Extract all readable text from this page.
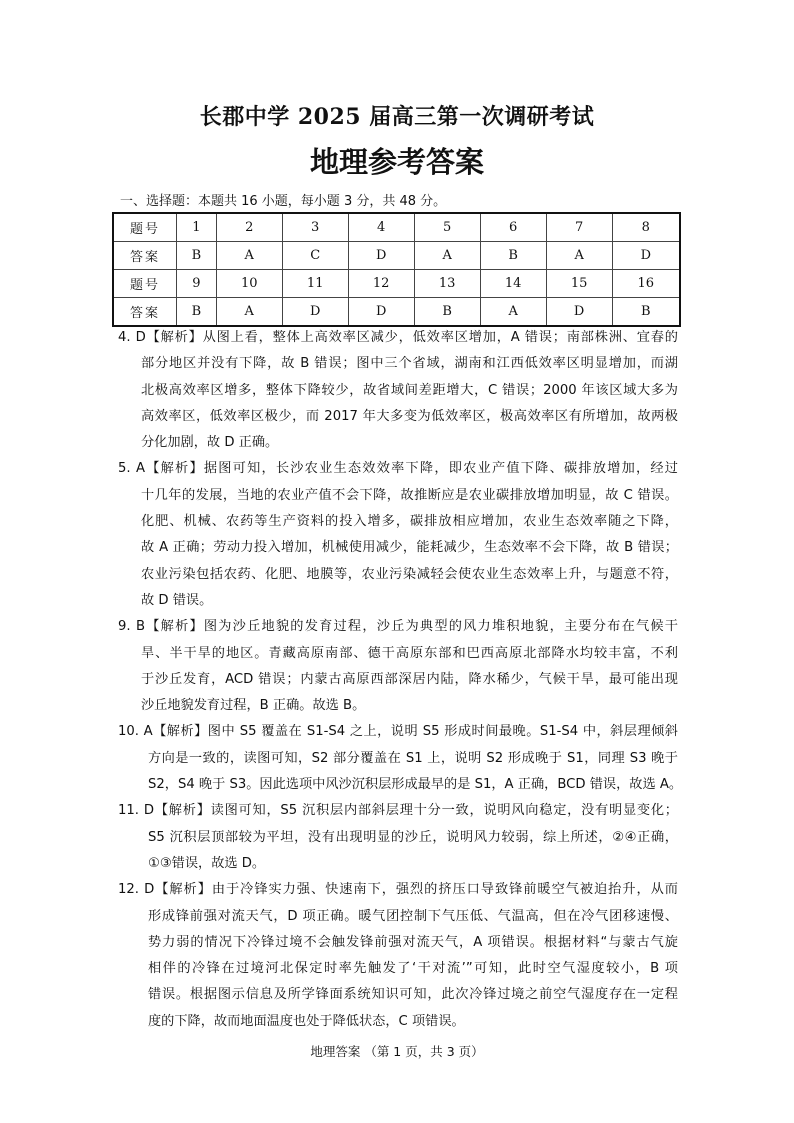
长郡中学 2025 届高三第一次调研考试
地理参考答案
一、选择题：本题共 16 小题，每小题 3 分，共 48 分。
题号	1	2	3	4	5	6	7	8
答案	B	A	C	D	A	B	A	D
题号	9	10	11	12	13	14	15	16
答案	B	A	D	D	B	A	D	B
4. D【解析】从图上看，整体上高效率区减少，低效率区增加，A 错误；南部株洲、宜春的
部分地区并没有下降，故 B 错误；图中三个省域，湖南和江西低效率区明显增加，而湖
北极高效率区增多，整体下降较少，故省域间差距增大，C 错误；2000 年该区域大多为
高效率区，低效率区极少，而 2017 年大多变为低效率区，极高效率区有所增加，故两极
分化加剧，故 D 正确。
5. A【解析】据图可知，长沙农业生态效效率下降，即农业产值下降、碳排放增加，经过
十几年的发展，当地的农业产值不会下降，故推断应是农业碳排放增加明显，故 C 错误。
化肥、机械、农药等生产资料的投入增多，碳排放相应增加，农业生态效率随之下降，
故 A 正确；劳动力投入增加，机械使用减少，能耗减少，生态效率不会下降，故 B 错误；
农业污染包括农药、化肥、地膜等，农业污染减轻会使农业生态效率上升，与题意不符，
故 D 错误。
9. B【解析】图为沙丘地貌的发育过程，沙丘为典型的风力堆积地貌，主要分布在气候干
旱、半干旱的地区。青藏高原南部、德干高原东部和巴西高原北部降水均较丰富，不利
于沙丘发育，ACD 错误；内蒙古高原西部深居内陆，降水稀少，气候干旱，最可能出现
沙丘地貌发育过程，B 正确。故选 B。
10. A【解析】图中 S5 覆盖在 S1-S4 之上，说明 S5 形成时间最晚。S1-S4 中，斜层理倾斜
方向是一致的，读图可知，S2 部分覆盖在 S1 上，说明 S2 形成晚于 S1，同理 S3 晚于
S2，S4 晚于 S3。因此选项中风沙沉积层形成最早的是 S1，A 正确，BCD 错误，故选 A。
11. D【解析】读图可知，S5 沉积层内部斜层理十分一致，说明风向稳定，没有明显变化；
S5 沉积层顶部较为平坦，没有出现明显的沙丘，说明风力较弱，综上所述，②④正确，
①③错误，故选 D。
12. D【解析】由于冷锋实力强、快速南下，强烈的挤压口导致锋前暖空气被迫抬升，从而
形成锋前强对流天气，D 项正确。暖气团控制下气压低、气温高，但在冷气团移速慢、
势力弱的情况下冷锋过境不会触发锋前强对流天气，A 项错误。根据材料“与蒙古气旋
相伴的冷锋在过境河北保定时率先触发了‘干对流’”可知，此时空气湿度较小，B 项
错误。根据图示信息及所学锋面系统知识可知，此次冷锋过境之前空气湿度存在一定程
度的下降，故而地面温度也处于降低状态，C 项错误。
地理答案 （第 1 页，共 3 页）
